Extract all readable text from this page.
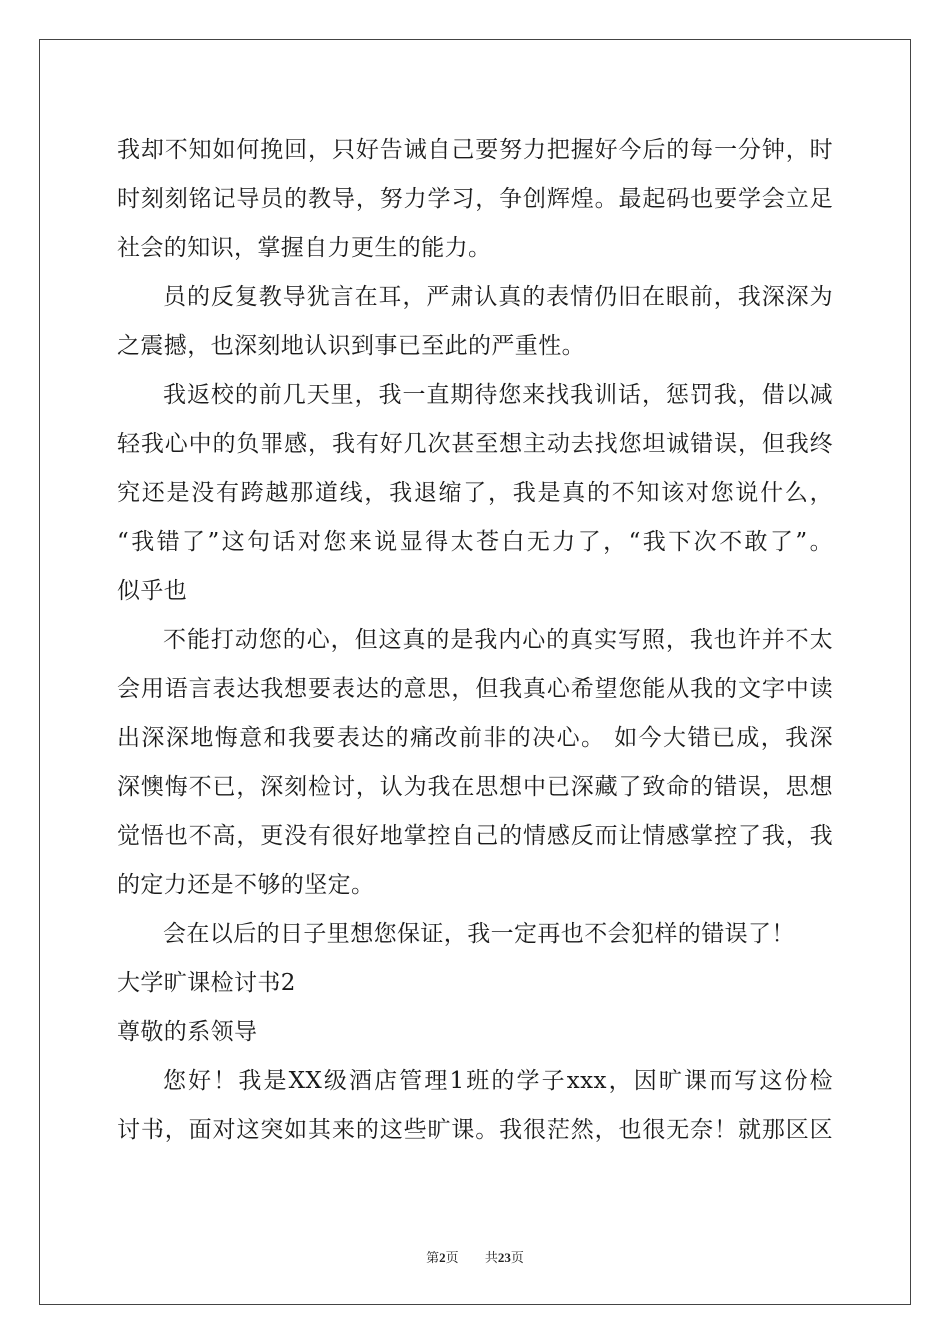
我却不知如何挽回，只好告诫自己要努力把握好今后的每一分钟，时
时刻刻铭记导员的教导，努力学习，争创辉煌。最起码也要学会立足
社会的知识，掌握自力更生的能力。
员的反复教导犹言在耳，严肃认真的表情仍旧在眼前，我深深为
之震撼，也深刻地认识到事已至此的严重性。
我返校的前几天里，我一直期待您来找我训话，惩罚我，借以减
轻我心中的负罪感，我有好几次甚至想主动去找您坦诚错误，但我终
究还是没有跨越那道线，我退缩了，我是真的不知该对您说什么，
“我错了”这句话对您来说显得太苍白无力了，“我下次不敢了”。
似乎也
不能打动您的心，但这真的是我内心的真实写照，我也许并不太
会用语言表达我想要表达的意思，但我真心希望您能从我的文字中读
出深深地悔意和我要表达的痛改前非的决心。 如今大错已成，我深
深懊悔不已，深刻检讨，认为我在思想中已深藏了致命的错误，思想
觉悟也不高，更没有很好地掌控自己的情感反而让情感掌控了我，我
的定力还是不够的坚定。
会在以后的日子里想您保证，我一定再也不会犯样的错误了！
大学旷课检讨书2
尊敬的系领导
您好！我是XX级酒店管理1班的学子xxx，因旷课而写这份检
讨书，面对这突如其来的这些旷课。我很茫然，也很无奈！就那区区
第2页 共23页
